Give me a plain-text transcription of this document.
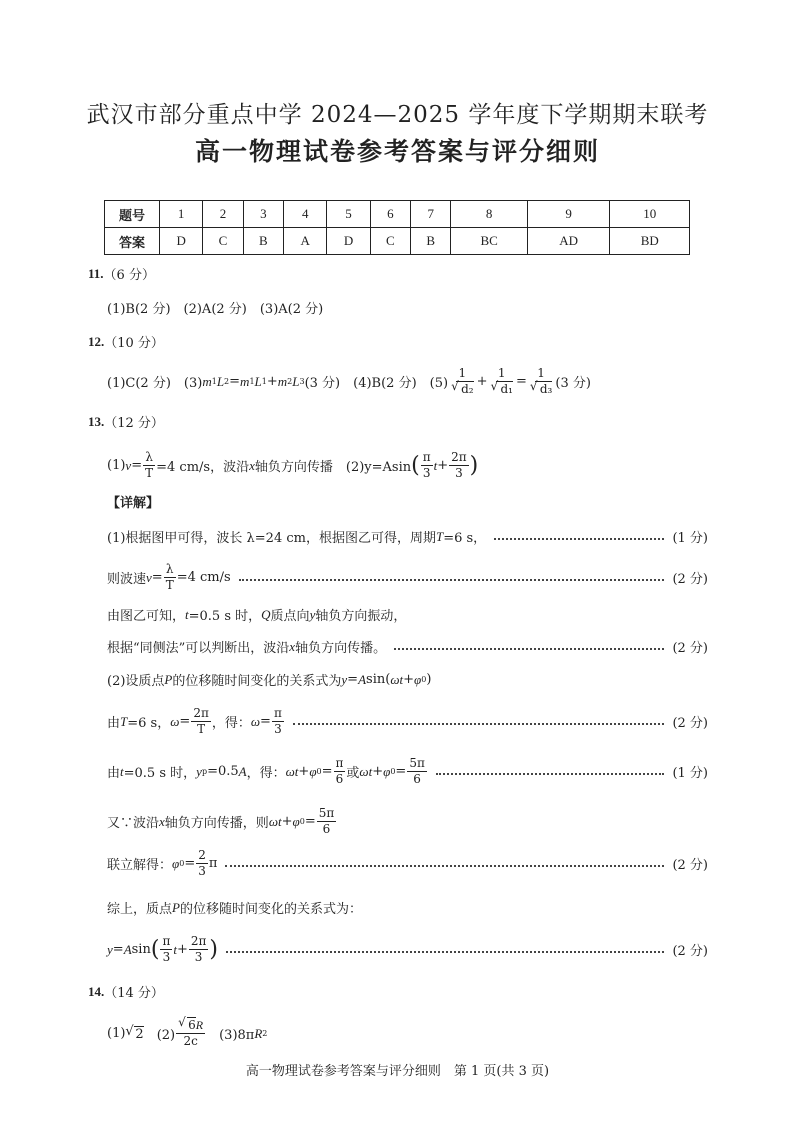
武汉市部分重点中学 2024—2025 学年度下学期期末联考
高一物理试卷参考答案与评分细则
题号	1	2	3	4	5	6	7	8	9	10
答案	D	C	B	A	D	C	B	BC	AD	BD
11. （6 分）
(1)B(2 分)　(2)A(2 分)　(3)A(2 分)
12. （10 分）
(1)C(2 分)　(3) m 1 L 2 = m 1 L 1 + m 2 L 3 (3 分)　(4)B(2 分)　(5) 1
√ d₂ + 1
√ d₁ = 1
√ d₃ (3 分)
13. （12 分）
(1) $v = \frac{\lambda}{T} =4$ cm/s，波沿 x 轴负方向传播　(2)y=Asin ( $\frac{\pi}{3}$ $t + \frac{2\pi}{3}$ )
【详解】
(1)根据图甲可得，波长 λ=24 cm，根据图乙可得，周期 T =6 s，	(1 分)
则波速 $v = \frac{\lambda}{T} =4$ cm/s	(2 分)
由图乙可知， t =0.5 s 时， Q 质点向 y 轴负方向振动，
根据“同侧法”可以判断出，波沿 x 轴负方向传播。	(2 分)
(2)设质点 P 的位移随时间变化的关系式为 y = A sin( ωt + φ 0 )
由 T =6 s， $\omega = \frac{2\pi}{T}$ ，得： $\omega = \frac{\pi}{3}$	(2 分)
由 t =0.5 s 时， y p =0.5 A ，得： ωt + φ $0 = \frac{\pi}{6}$ 或 ωt + φ $0 = \frac{5\pi}{6}$	(1 分)
又∵波沿 x 轴负方向传播，则 ωt + φ $0 = \frac{5\pi}{6}$
联立解得： φ $0 = \frac{2}{3}$ π	(2 分)
综上，质点 P 的位移随时间变化的关系式为：
y = A sin ( $\frac{\pi}{3}$ $t + \frac{2\pi}{3}$ )	(2 分)
14. （14 分）
(1) √ 2 　(2) √ $\frac{6R}{2c}$ 　(3)8π R 2
高一物理试卷参考答案与评分细则　第 1 页(共 3 页)
